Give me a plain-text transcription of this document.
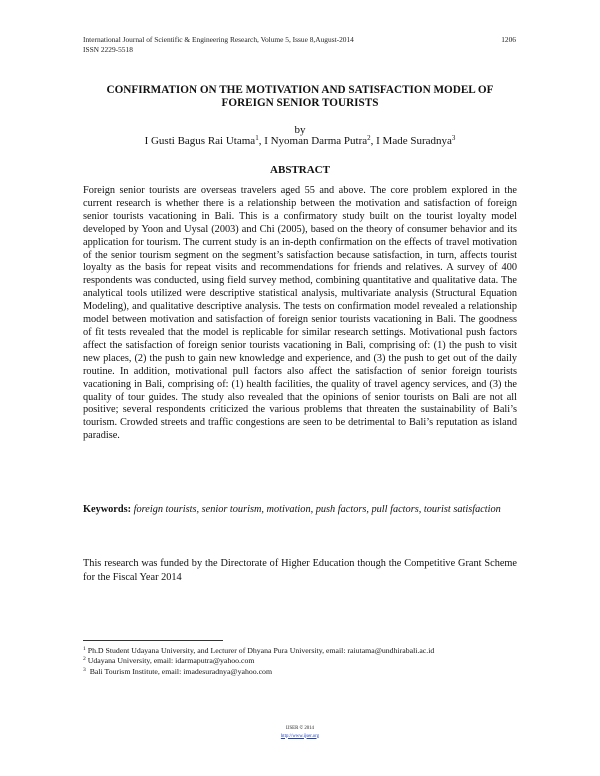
International Journal of Scientific & Engineering Research, Volume 5, Issue 8,August-2014
ISSN 2229-5518
1206
CONFIRMATION ON THE MOTIVATION AND SATISFACTION MODEL OF
FOREIGN SENIOR TOURISTS
by
I Gusti Bagus Rai Utama$^1$, I Nyoman Darma Putra$^2$, I Made Suradnya$^3$
ABSTRACT

Foreign senior tourists are overseas travelers aged 55 and above. The core problem explored in the current research is whether there is a relationship between the motivation and satisfaction of foreign senior tourists vacationing in Bali. This is a confirmatory study built on the tourist loyalty model developed by Yoon and Uysal (2003) and Chi (2005), based on the theory of consumer behavior and its application for tourism. The current study is an in-depth confirmation on the effects of travel motivation of the senior tourism segment on the segment’s satisfaction because satisfaction, in turn, affects tourist loyalty as the basis for repeat visits and recommendations for friends and relatives. A survey of 400 respondents was conducted, using field survey method, combining quantitative and qualitative data. The analytical tools utilized were descriptive statistical analysis, multivariate analysis (Structural Equation Modeling), and qualitative descriptive analysis. The tests on confirmation model revealed a relationship model between motivation and satisfaction of foreign senior tourists vacationing in Bali. The goodness of fit tests revealed that the model is replicable for similar research settings. Motivational push factors affect the satisfaction of foreign senior tourists vacationing in Bali, comprising of: (1) the push to visit new places, (2) the push to gain new knowledge and experience, and (3) the push to get out of the daily routine. In addition, motivational pull factors also affect the satisfaction of senior foreign tourists vacationing in Bali, comprising of: (1) health facilities, the quality of travel agency services, and (3) the quality of tour guides. The study also revealed that the opinions of senior tourists on Bali are not all positive; several respondents criticized the various problems that threaten the sustainability of Bali’s tourism. Crowded streets and traffic congestions are seen to be detrimental to Bali’s reputation as island paradise.

Keywords: foreign tourists, senior tourism, motivation, push factors, pull factors, tourist satisfaction

This research was funded by the Directorate of Higher Education though the Competitive Grant Scheme for the Fiscal Year 2014

$^1$ Ph.D Student Udayana University, and Lecturer of Dhyana Pura University, email: raiutama@undhirabali.ac.id

$^2$ Udayana University, email: idarmaputra@yahoo.com

$^3$ Bali Tourism Institute, email: imadesuradnya@yahoo.com

IJSER © 2014
http://www.ijser.org
